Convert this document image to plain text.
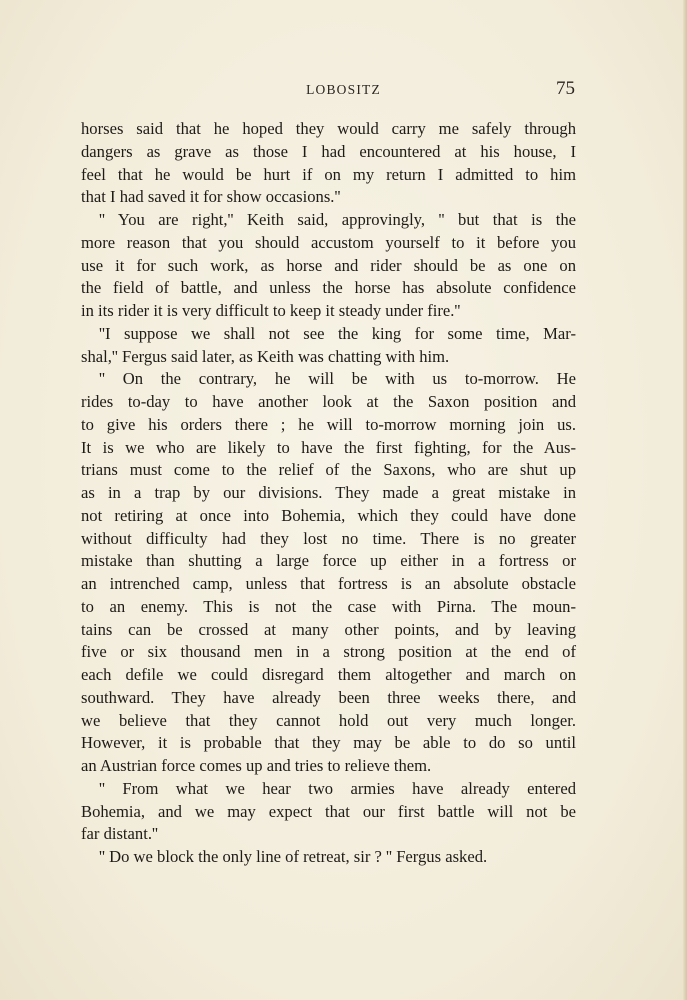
LOBOSITZ	75
horses said that he hoped they would carry me safely through
dangers as grave as those I had encountered at his house, I
feel that he would be hurt if on my return I admitted to him
that I had saved it for show occasions.''
'' You are right,'' Keith said, approvingly, '' but that is the
more reason that you should accustom yourself to it before you
use it for such work, as horse and rider should be as one on
the field of battle, and unless the horse has absolute confidence
in its rider it is very difficult to keep it steady under fire.''
''I suppose we shall not see the king for some time, Mar-
shal,'' Fergus said later, as Keith was chatting with him.
'' On the contrary, he will be with us to-morrow. He
rides to-day to have another look at the Saxon position and
to give his orders there ; he will to-morrow morning join us.
It is we who are likely to have the first fighting, for the Aus-
trians must come to the relief of the Saxons, who are shut up
as in a trap by our divisions. They made a great mistake in
not retiring at once into Bohemia, which they could have done
without difficulty had they lost no time. There is no greater
mistake than shutting a large force up either in a fortress or
an intrenched camp, unless that fortress is an absolute obstacle
to an enemy. This is not the case with Pirna. The moun-
tains can be crossed at many other points, and by leaving
five or six thousand men in a strong position at the end of
each defile we could disregard them altogether and march on
southward. They have already been three weeks there, and
we believe that they cannot hold out very much longer.
However, it is probable that they may be able to do so until
an Austrian force comes up and tries to relieve them.
'' From what we hear two armies have already entered
Bohemia, and we may expect that our first battle will not be
far distant.''
'' Do we block the only line of retreat, sir ? '' Fergus asked.
